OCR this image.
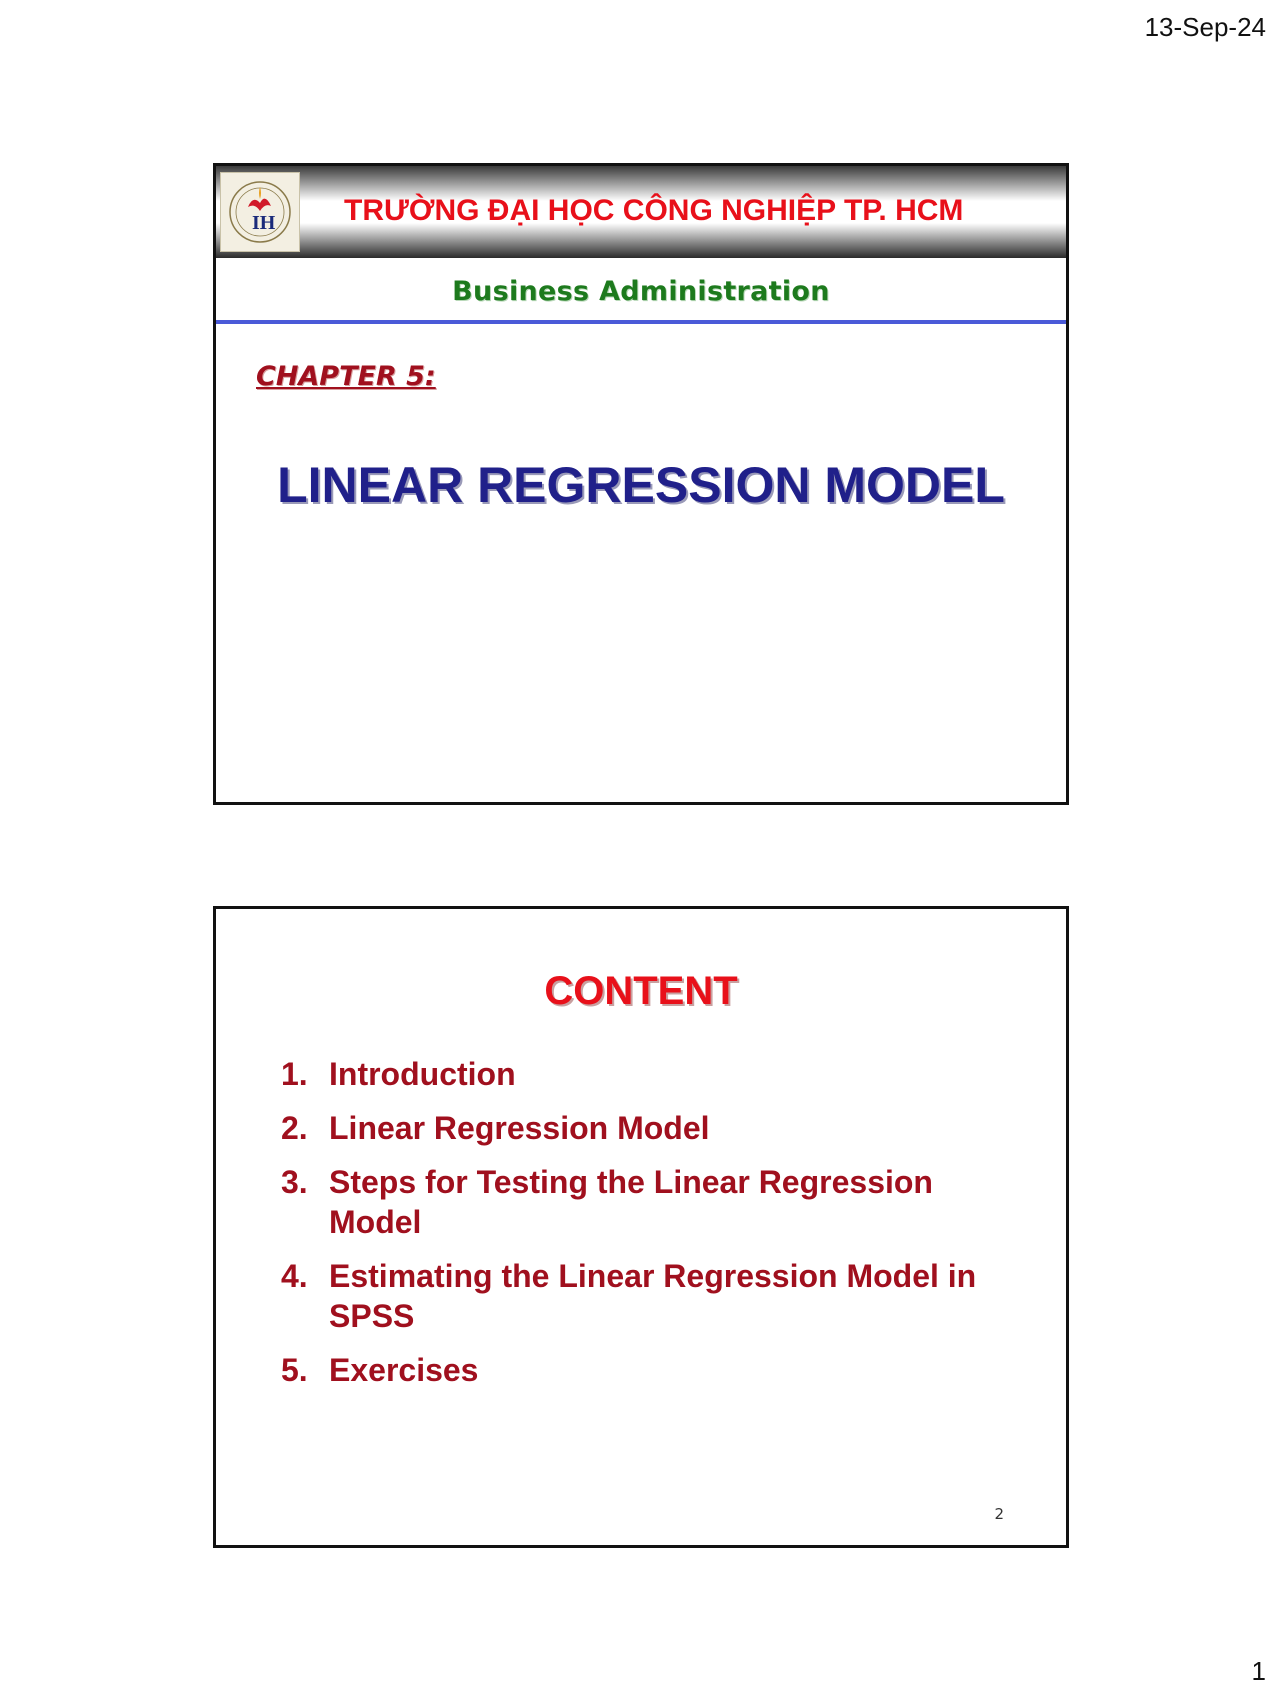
13-Sep-24
IH TRƯỜNG ĐẠI HỌC CÔNG NGHIỆP TP. HCM
Business Administration
CHAPTER 5:
LINEAR REGRESSION MODEL
CONTENT
1. Introduction
2. Linear Regression Model
3. Steps for Testing the Linear Regression Model
4. Estimating the Linear Regression Model in SPSS
5. Exercises
2
1
